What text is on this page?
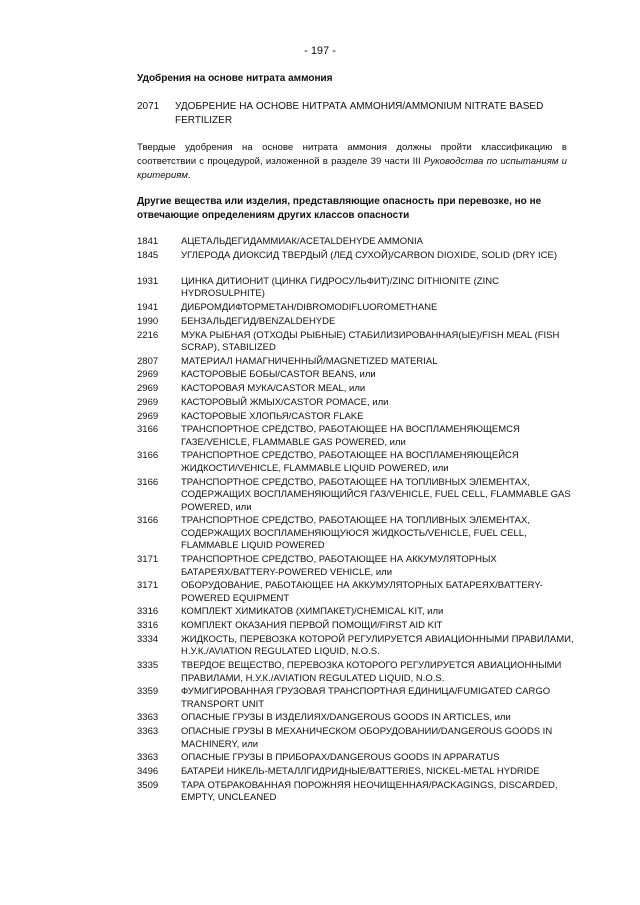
- 197 -
Удобрения на основе нитрата аммония
2071 УДОБРЕНИЕ НА ОСНОВЕ НИТРАТА АММОНИЯ/AMMONIUM NITRATE BASED FERTILIZER
Твердые удобрения на основе нитрата аммония должны пройти классификацию в соответствии с процедурой, изложенной в разделе 39 части III Руководства по испытаниям и критериям.
Другие вещества или изделия, представляющие опасность при перевозке, но не отвечающие определениям других классов опасности
1841	АЦЕТАЛЬДЕГИДАММИАК/ACETALDEHYDE AMMONIA
1845	УГЛЕРОДА ДИОКСИД ТВЕРДЫЙ (ЛЕД СУХОЙ)/CARBON DIOXIDE, SOLID (DRY ICE)
1931	ЦИНКА ДИТИОНИТ (ЦИНКА ГИДРОСУЛЬФИТ)/ZINC DITHIONITE (ZINC HYDROSULPHITE)
1941	ДИБРОМДИФТОРМЕТАН/DIBROMODIFLUOROMETHANE
1990	БЕНЗАЛЬДЕГИД/BENZALDEHYDE
2216	МУКА РЫБНАЯ (ОТХОДЫ РЫБНЫЕ) СТАБИЛИЗИРОВАННАЯ(ЫЕ)/FISH MEAL (FISH SCRAP), STABILIZED
2807	МАТЕРИАЛ НАМАГНИЧЕННЫЙ/MAGNETIZED MATERIAL
2969	КАСТОРОВЫЕ БОБЫ/CASTOR BEANS, или
2969	КАСТОРОВАЯ МУКА/CASTOR MEAL, или
2969	КАСТОРОВЫЙ ЖМЫХ/CASTOR POMACE, или
2969	КАСТОРОВЫЕ ХЛОПЬЯ/CASTOR FLAKE
3166	ТРАНСПОРТНОЕ СРЕДСТВО, РАБОТАЮЩЕЕ НА ВОСПЛАМЕНЯЮЩЕМСЯ ГАЗЕ/VEHICLE, FLAMMABLE GAS POWERED, или
3166	ТРАНСПОРТНОЕ СРЕДСТВО, РАБОТАЮЩЕЕ НА ВОСПЛАМЕНЯЮЩЕЙСЯ ЖИДКОСТИ/VEHICLE, FLAMMABLE LIQUID POWERED, или
3166	ТРАНСПОРТНОЕ СРЕДСТВО, РАБОТАЮЩЕЕ НА ТОПЛИВНЫХ ЭЛЕМЕНТАХ, СОДЕРЖАЩИХ ВОСПЛАМЕНЯЮЩИЙСЯ ГАЗ/VEHICLE, FUEL CELL, FLAMMABLE GAS POWERED, или
3166	ТРАНСПОРТНОЕ СРЕДСТВО, РАБОТАЮЩЕЕ НА ТОПЛИВНЫХ ЭЛЕМЕНТАХ, СОДЕРЖАЩИХ ВОСПЛАМЕНЯЮЩУЮСЯ ЖИДКОСТЬ/VEHICLE, FUEL CELL, FLAMMABLE LIQUID POWERED
3171	ТРАНСПОРТНОЕ СРЕДСТВО, РАБОТАЮЩЕЕ НА АККУМУЛЯТОРНЫХ БАТАРЕЯХ/BATTERY-POWERED VEHICLE, или
3171	ОБОРУДОВАНИЕ, РАБОТАЮЩЕЕ НА АККУМУЛЯТОРНЫХ БАТАРЕЯХ/BATTERY-POWERED EQUIPMENT
3316	КОМПЛЕКТ ХИМИКАТОВ (ХИМПАКЕТ)/CHEMICAL KIT, или
3316	КОМПЛЕКТ ОКАЗАНИЯ ПЕРВОЙ ПОМОЩИ/FIRST AID KIT
3334	ЖИДКОСТЬ, ПЕРЕВОЗКА КОТОРОЙ РЕГУЛИРУЕТСЯ АВИАЦИОННЫМИ ПРАВИЛАМИ, Н.У.К./AVIATION REGULATED LIQUID, N.O.S.
3335	ТВЕРДОЕ ВЕЩЕСТВО, ПЕРЕВОЗКА КОТОРОГО РЕГУЛИРУЕТСЯ АВИАЦИОННЫМИ ПРАВИЛАМИ, Н.У.К./AVIATION REGULATED LIQUID, N.O.S.
3359	ФУМИГИРОВАННАЯ ГРУЗОВАЯ ТРАНСПОРТНАЯ ЕДИНИЦА/FUMIGATED CARGO TRANSPORT UNIT
3363	ОПАСНЫЕ ГРУЗЫ В ИЗДЕЛИЯХ/DANGEROUS GOODS IN ARTICLES, или
3363	ОПАСНЫЕ ГРУЗЫ В МЕХАНИЧЕСКОМ ОБОРУДОВАНИИ/DANGEROUS GOODS IN MACHINERY, или
3363	ОПАСНЫЕ ГРУЗЫ В ПРИБОРАХ/DANGEROUS GOODS IN APPARATUS
3496	БАТАРЕИ НИКЕЛЬ-МЕТАЛЛГИДРИДНЫЕ/BATTERIES, NICKEL-METAL HYDRIDE
3509	ТАРА ОТБРАКОВАННАЯ ПОРОЖНЯЯ НЕОЧИЩЕННАЯ/PACKAGINGS, DISCARDED, EMPTY, UNCLEANED
